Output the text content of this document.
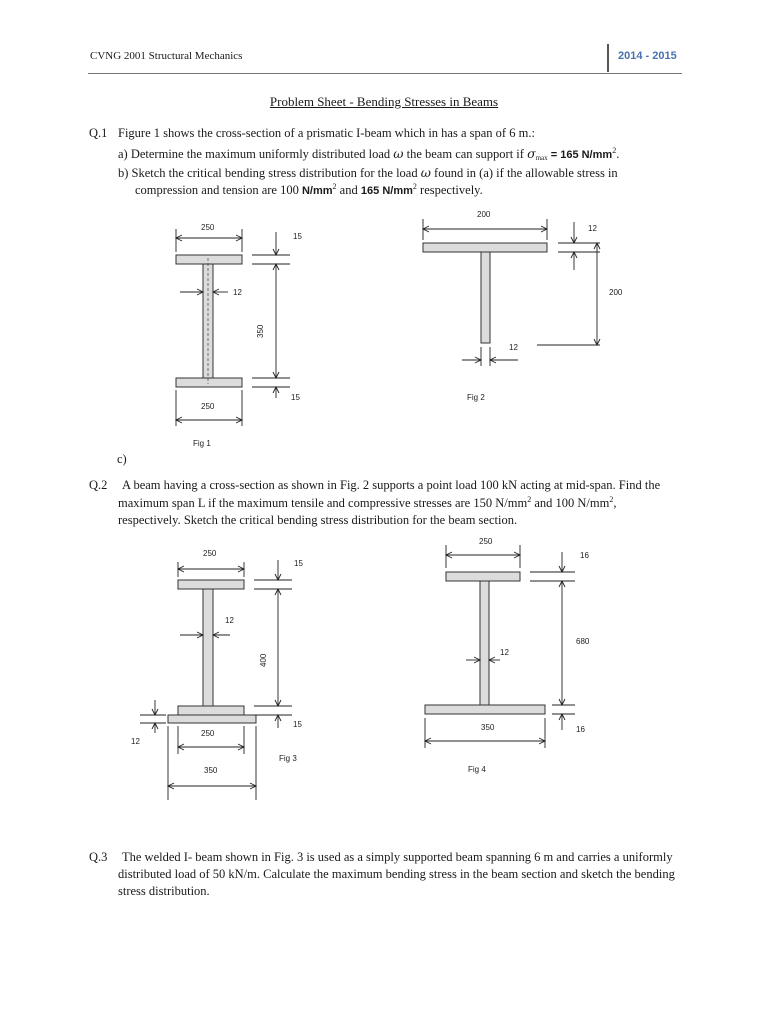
CVNG 2001 Structural Mechanics	2014 - 2015
Problem Sheet - Bending Stresses in Beams
Q.1 Figure 1 shows the cross-section of a prismatic I-beam which in has a span of 6 m.:
a) Determine the maximum uniformly distributed load ω the beam can support if $\sigma_{max} = 165$ $N/mm^2$.
b) Sketch the critical bending stress distribution for the load ω found in (a) if the allowable stress in
compression and tension are 100 $N/mm^2$ and 165 $N/mm^2$ respectively.
c)
Q.2 A beam having a cross-section as shown in Fig. 2 supports a point load 100 kN acting at mid-span. Find the
maximum span L if the maximum tensile and compressive stresses are 150 $N/mm^2$ and 100 $N/mm^2$,
respectively. Sketch the critical bending stress distribution for the beam section.
Q.3 The welded I- beam shown in Fig. 3 is used as a simply supported beam spanning 6 m and carries a uniformly
distributed load of 50 kN/m. Calculate the maximum bending stress in the beam section and sketch the bending
stress distribution.
250
12
15
350
15
250
Fig 1
200
12
200
12
Fig 2
250
12
15
400
15
12
250
350
Fig 3
250
16
680
12
16
350
Fig 4
